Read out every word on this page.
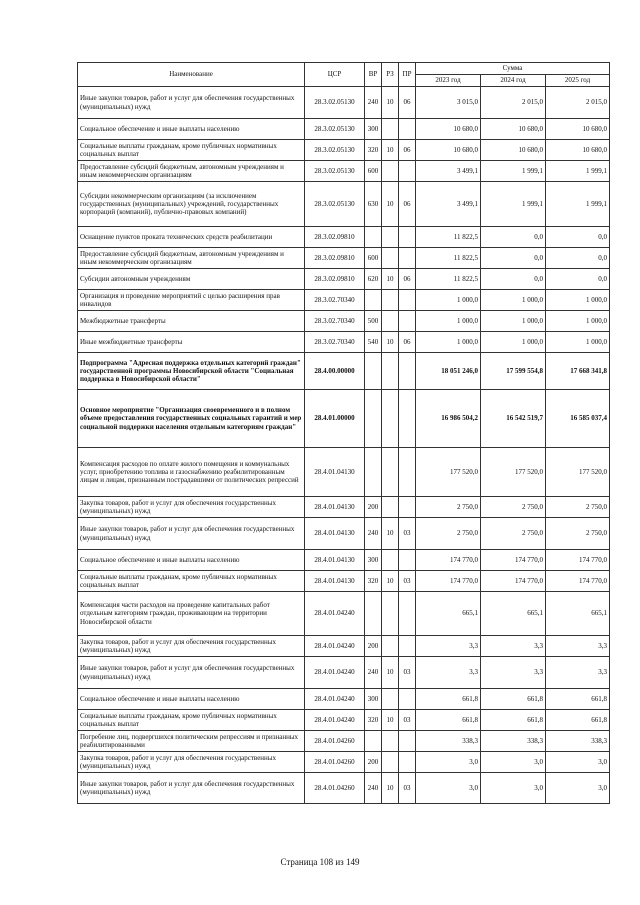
Наименование	ЦСР	ВР	РЗ	ПР	Сумма		
					2023 год	2024 год	2025 год
Иные закупки товаров, работ и услуг для обеспечения государственных (муниципальных) нужд	28.3.02.05130	240	10	06	3 015,0	2 015,0	2 015,0
Социальное обеспечение и иные выплаты населению	28.3.02.05130	300			10 680,0	10 680,0	10 680,0
Социальные выплаты гражданам, кроме публичных нормативных социальных выплат	28.3.02.05130	320	10	06	10 680,0	10 680,0	10 680,0
Предоставление субсидий бюджетным, автономным учреждениям и иным некоммерческим организациям	28.3.02.05130	600			3 499,1	1 999,1	1 999,1
Субсидии некоммерческим организациям (за исключением государственных (муниципальных) учреждений, государственных корпораций (компаний), публично-правовых компаний)	28.3.02.05130	630	10	06	3 499,1	1 999,1	1 999,1
Оснащение пунктов проката технических средств реабилитации	28.3.02.09810				11 822,5	0,0	0,0
Предоставление субсидий бюджетным, автономным учреждениям и иным некоммерческим организациям	28.3.02.09810	600			11 822,5	0,0	0,0
Субсидии автономным учреждениям	28.3.02.09810	620	10	06	11 822,5	0,0	0,0
Организация и проведение мероприятий с целью расширения прав инвалидов	28.3.02.70340				1 000,0	1 000,0	1 000,0
Межбюджетные трансферты	28.3.02.70340	500			1 000,0	1 000,0	1 000,0
Иные межбюджетные трансферты	28.3.02.70340	540	10	06	1 000,0	1 000,0	1 000,0
Подпрограмма "Адресная поддержка отдельных категорий граждан" государственной программы Новосибирской области "Социальная поддержка в Новосибирской области"	28.4.00.00000				18 051 246,0	17 599 554,8	17 668 341,8
Основное мероприятие "Организация своевременного и в полном объеме предоставления государственных социальных гарантий и мер социальной поддержки населения отдельным категориям граждан"	28.4.01.00000				16 986 504,2	16 542 519,7	16 585 037,4
Компенсация расходов по оплате жилого помещения и коммунальных услуг, приобретению топлива и газоснабжению реабилитированным лицам и лицам, признанным пострадавшими от политических репрессий	28.4.01.04130				177 520,0	177 520,0	177 520,0
Закупка товаров, работ и услуг для обеспечения государственных (муниципальных) нужд	28.4.01.04130	200			2 750,0	2 750,0	2 750,0
Иные закупки товаров, работ и услуг для обеспечения государственных (муниципальных) нужд	28.4.01.04130	240	10	03	2 750,0	2 750,0	2 750,0
Социальное обеспечение и иные выплаты населению	28.4.01.04130	300			174 770,0	174 770,0	174 770,0
Социальные выплаты гражданам, кроме публичных нормативных социальных выплат	28.4.01.04130	320	10	03	174 770,0	174 770,0	174 770,0
Компенсация части расходов на проведение капитальных работ отдельным категориям граждан, проживающим на территории Новосибирской области	28.4.01.04240				665,1	665,1	665,1
Закупка товаров, работ и услуг для обеспечения государственных (муниципальных) нужд	28.4.01.04240	200			3,3	3,3	3,3
Иные закупки товаров, работ и услуг для обеспечения государственных (муниципальных) нужд	28.4.01.04240	240	10	03	3,3	3,3	3,3
Социальное обеспечение и иные выплаты населению	28.4.01.04240	300			661,8	661,8	661,8
Социальные выплаты гражданам, кроме публичных нормативных социальных выплат	28.4.01.04240	320	10	03	661,8	661,8	661,8
Погребение лиц, подвергшихся политическим репрессиям и признанных реабилитированными	28.4.01.04260				338,3	338,3	338,3
Закупка товаров, работ и услуг для обеспечения государственных (муниципальных) нужд	28.4.01.04260	200			3,0	3,0	3,0
Иные закупки товаров, работ и услуг для обеспечения государственных (муниципальных) нужд	28.4.01.04260	240	10	03	3,0	3,0	3,0
Страница 108 из 149
